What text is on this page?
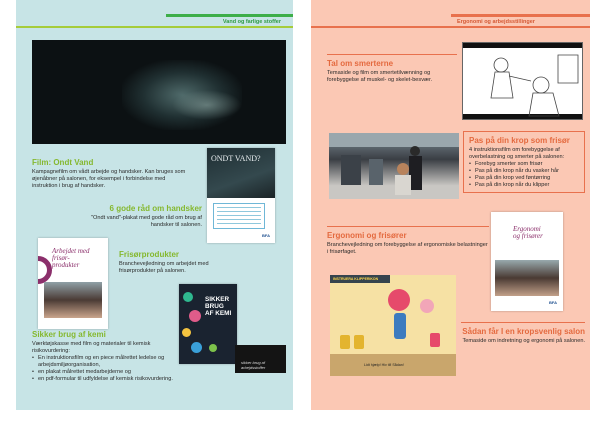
Vand og farlige stoffer
Film: Ondt Vand
Kampagnefilm om vådt arbejde og handsker. Kan bruges som øjenåbner på salonen, for eksempel i forbindelse med instruktion i brug af handsker.
ONDT VAND?
BFA
6 gode råd om handsker
"Ondt vand"-plakat med gode råd om brug af handsker til salonen.
Arbejdet med
frisør-
produkter
Frisørprodukter
Branchevejledning om arbejdet med frisørprodukter på salonen.
SIKKER
BRUG
AF KEMI
sikker brug af arbejdsstoffer
Sikker brug af kemi
Værktøjskasse med film og materialer til kemisk risikovurdering:
• En instruktionsfilm og en piece målrettet ledelse og arbejdsmiljøorganisation,
• en plakat målrettet medarbejderne og
• en pdf-formular til udfyldelse af kemisk risikovurdering.
Ergonomi og arbejdsstillinger
Tal om smerterne
Temaside og film om smertetilvænning og forebyggelse af muskel- og skelet-besvær.
Pas på din krop som frisør
4 instruktionsfilm om forebyggelse af overbelastning og smerter på salonen:
• Forebyg smerter som frisør
• Pas på din krop når du vasker hår
• Pas på din krop ved føntørring
• Pas på din krop når du klipper
Ergonomi og frisører
Branchevejledning om forebyggelse af ergonomiske belastninger i frisørfaget.
Ergonomi
og frisører
BFA
INSTRUERA KLIPPERIKON
Lidt hjælp! Hiv til! Sådan!
Sådan får I en kropsvenlig salon
Temaside om indretning og ergonomi på salonen.
